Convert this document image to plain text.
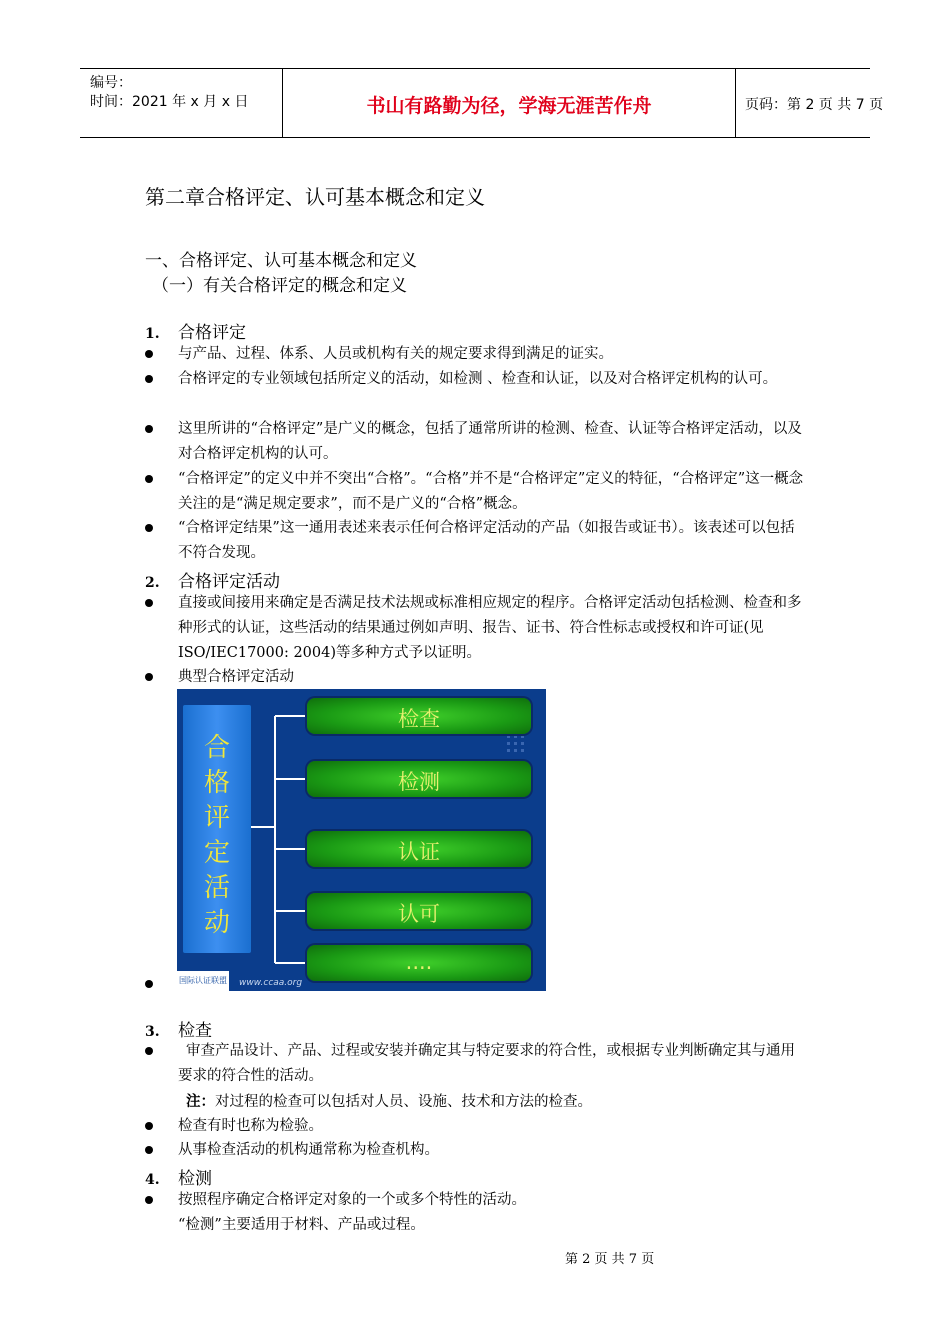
编号：
时间：2021 年 x 月 x 日	书山有路勤为径，学海无涯苦作舟	页码：第 2 页 共 7 页
第二章合格评定、认可基本概念和定义
一、合格评定、认可基本概念和定义
（一）有关合格评定的概念和定义
1. 合格评定
与产品、过程、体系、人员或机构有关的规定要求得到满足的证实。
合格评定的专业领域包括所定义的活动，如检测 、检查和认证，以及对合格评定机构的认可。
这里所讲的“合格评定”是广义的概念，包括了通常所讲的检测、检查、认证等合格评定活动，以及对合格评定机构的认可。
“合格评定”的定义中并不突出“合格”。“合格”并不是“合格评定”定义的特征，“合格评定”这一概念关注的是“满足规定要求”，而不是广义的“合格”概念。
“合格评定结果”这一通用表述来表示任何合格评定活动的产品（如报告或证书）。该表述可以包括不符合发现。
2. 合格评定活动
直接或间接用来确定是否满足技术法规或标准相应规定的程序。合格评定活动包括检测、检查和多种形式的认证，这些活动的结果通过例如声明、报告、证书、符合性标志或授权和许可证(见 ISO/IEC17000: 2004)等多种方式予以证明。
典型合格评定活动
合格评定活动
检查
检测
认证
认可
....
国际认证联盟 www.ccaa.org
3. 检查
审查产品设计、产品、过程或安装并确定其与特定要求的符合性，或根据专业判断确定其与通用要求的符合性的活动。
注：对过程的检查可以包括对人员、设施、技术和方法的检查。
检查有时也称为检验。
从事检查活动的机构通常称为检查机构。
4. 检测
按照程序确定合格评定对象的一个或多个特性的活动。
“检测”主要适用于材料、产品或过程。
第 2 页 共 7 页
